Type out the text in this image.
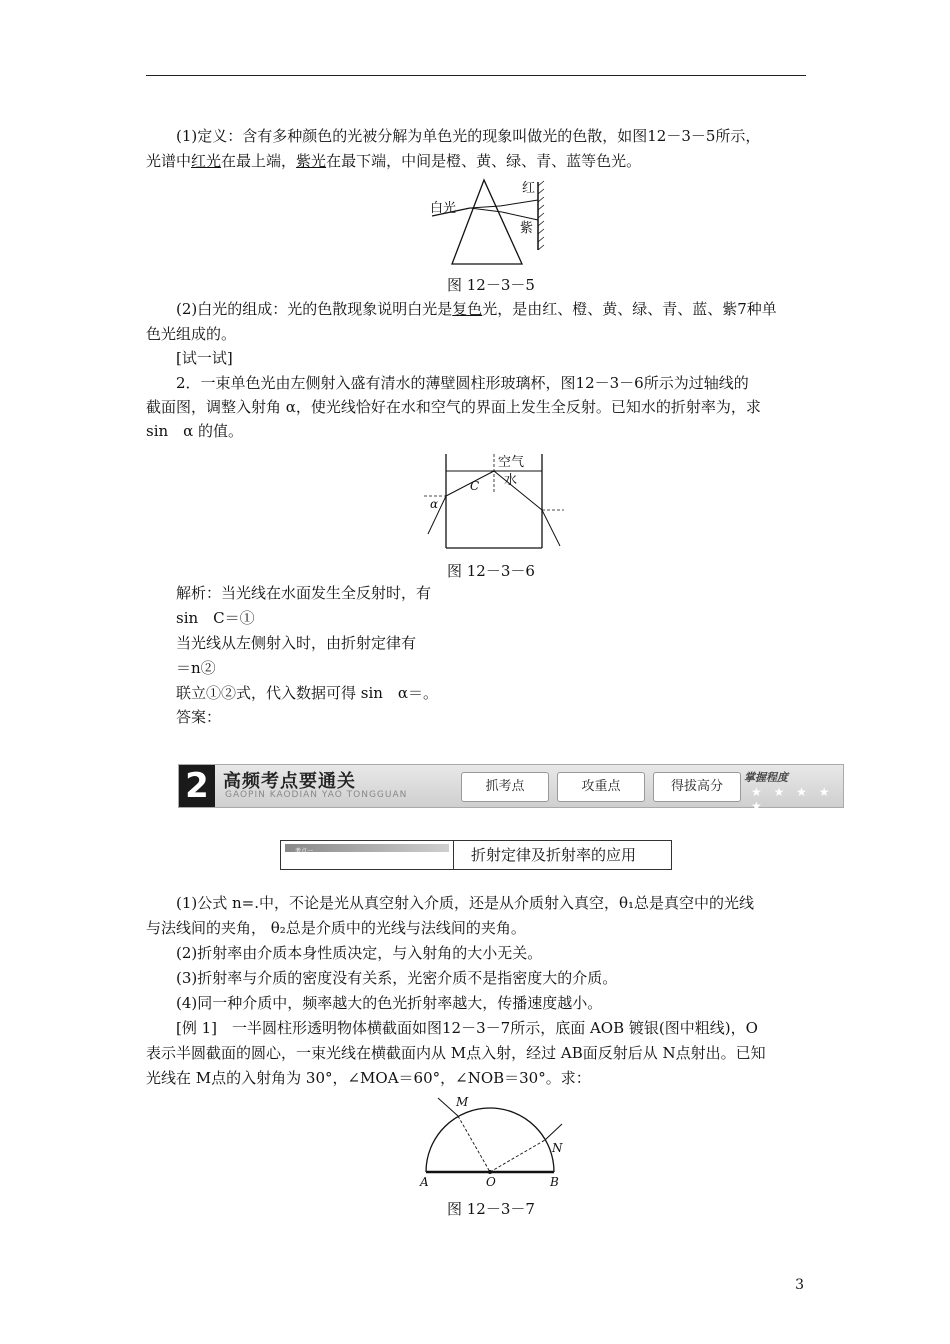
(1)定义：含有多种颜色的光被分解为单色光的现象叫做光的色散，如图12－3－5所示，
光谱中红光在最上端，紫光在最下端，中间是橙、黄、绿、青、蓝等色光。
白光
红
紫
图 12－3－5
(2)白光的组成：光的色散现象说明白光是复色光，是由红、橙、黄、绿、青、蓝、紫7种单
色光组成的。
[试一试]
2．一束单色光由左侧射入盛有清水的薄壁圆柱形玻璃杯，图12－3－6所示为过轴线的
截面图，调整入射角 α，使光线恰好在水和空气的界面上发生全反射。已知水的折射率为，求
sin　α 的值。
空气
水
C
α
图 12－3－6
解析：当光线在水面发生全反射时，有
sin　C＝①
当光线从左侧射入时，由折射定律有
＝n②
联立①②式，代入数据可得 sin　α＝。
答案：
2 高频考点要通关
GAOPIN KAODIAN YAO TONGGUAN
抓考点	攻重点	得拔高分
掌握程度
★ ★ ★ ★ ★
考点一	折射定律及折射率的应用
(1)公式 n=.中，不论是光从真空射入介质，还是从介质射入真空，θ₁总是真空中的光线
与法线间的夹角， θ₂总是介质中的光线与法线间的夹角。
(2)折射率由介质本身性质决定，与入射角的大小无关。
(3)折射率与介质的密度没有关系，光密介质不是指密度大的介质。
(4)同一种介质中，频率越大的色光折射率越大，传播速度越小。
[例 1]　一半圆柱形透明物体横截面如图12－3－7所示，底面 AOB 镀银(图中粗线)，O
表示半圆截面的圆心，一束光线在横截面内从 M点入射，经过 AB面反射后从 N点射出。已知
光线在 M点的入射角为 30°，∠MOA＝60°，∠NOB＝30°。求：
M
N
A	O	B
图 12－3－7
3
